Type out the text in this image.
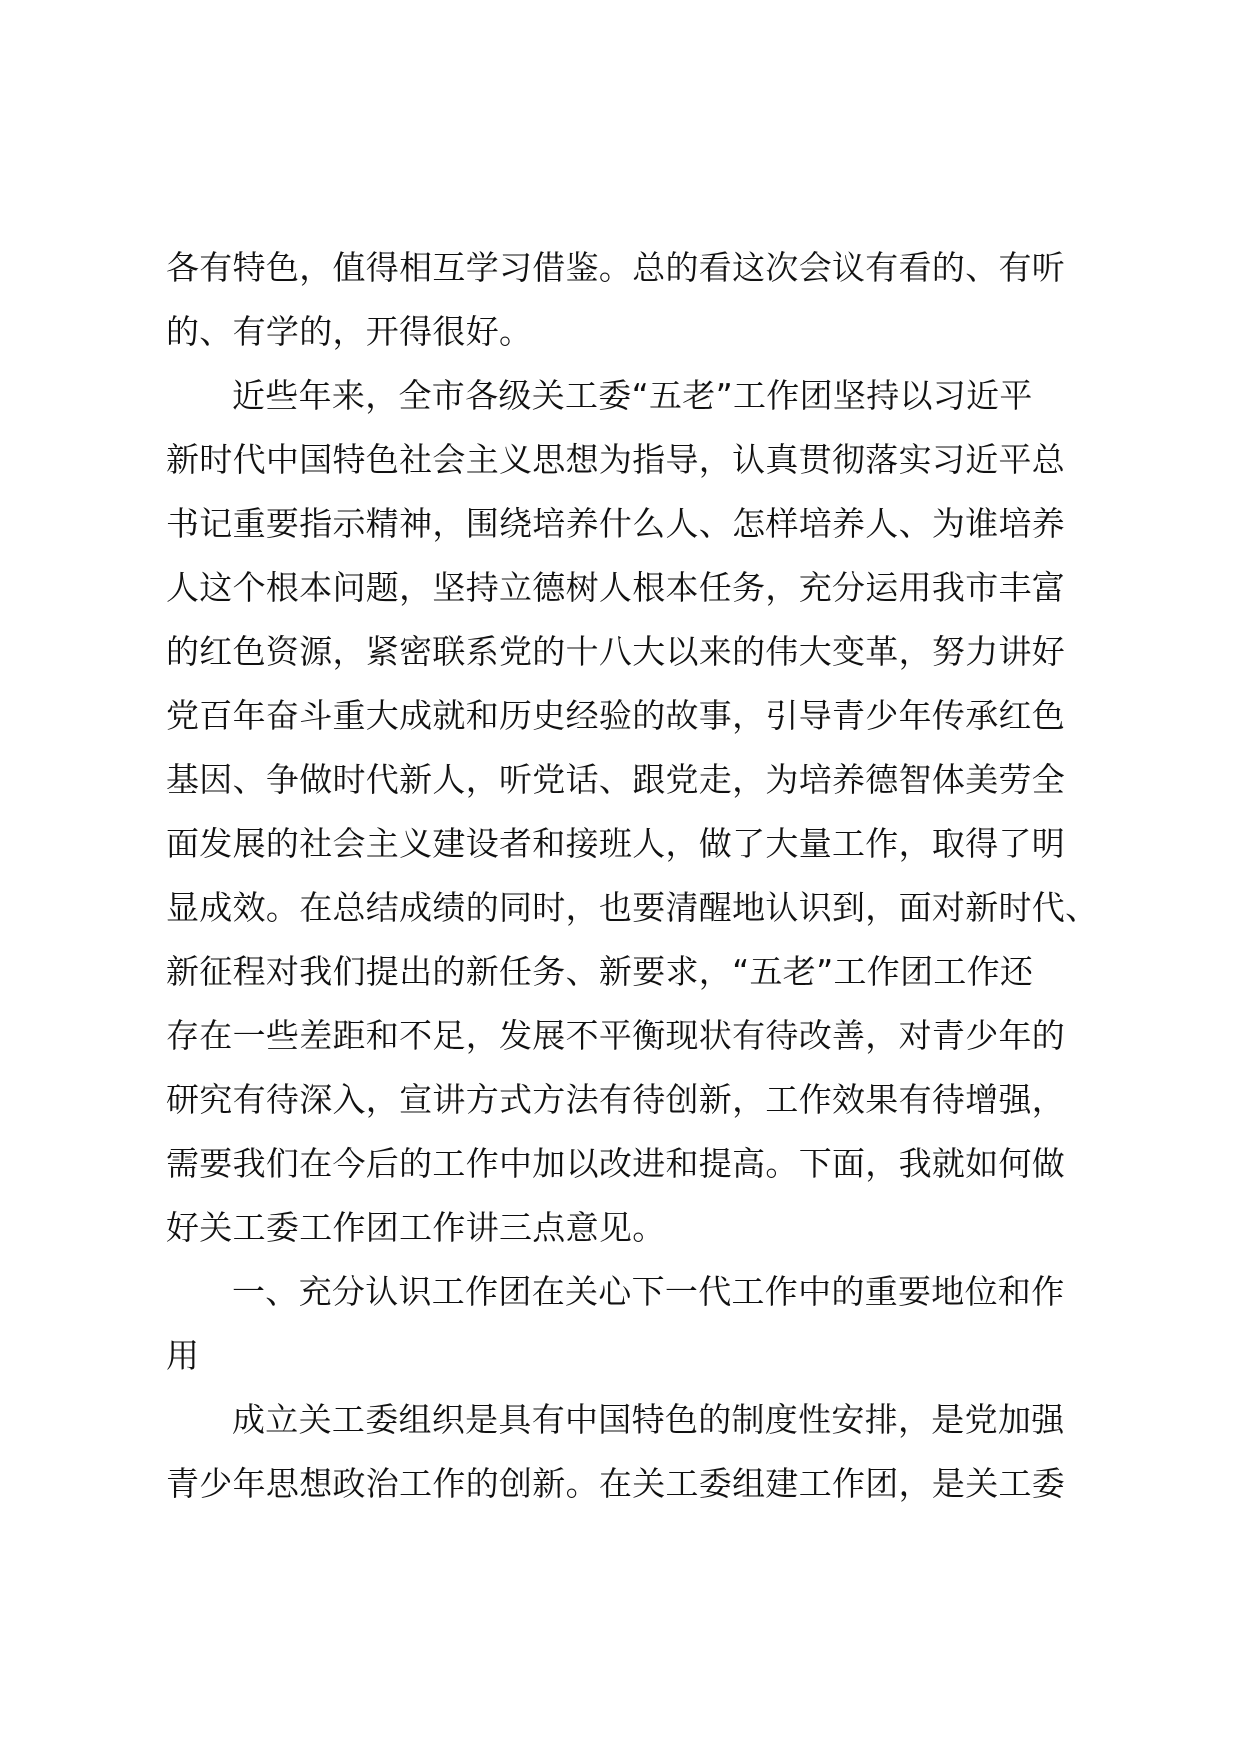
各有特色，值得相互学习借鉴。总的看这次会议有看的、有听
的、有学的，开得很好。
近些年来，全市各级关工委“五老”工作团坚持以习近平
新时代中国特色社会主义思想为指导，认真贯彻落实习近平总
书记重要指示精神，围绕培养什么人、怎样培养人、为谁培养
人这个根本问题，坚持立德树人根本任务，充分运用我市丰富
的红色资源，紧密联系党的十八大以来的伟大变革，努力讲好
党百年奋斗重大成就和历史经验的故事，引导青少年传承红色
基因、争做时代新人，听党话、跟党走，为培养德智体美劳全
面发展的社会主义建设者和接班人，做了大量工作，取得了明
显成效。在总结成绩的同时，也要清醒地认识到，面对新时代、
新征程对我们提出的新任务、新要求，“五老”工作团工作还
存在一些差距和不足，发展不平衡现状有待改善，对青少年的
研究有待深入，宣讲方式方法有待创新，工作效果有待增强，
需要我们在今后的工作中加以改进和提高。下面，我就如何做
好关工委工作团工作讲三点意见。
一、充分认识工作团在关心下一代工作中的重要地位和作
用
成立关工委组织是具有中国特色的制度性安排，是党加强
青少年思想政治工作的创新。在关工委组建工作团，是关工委
